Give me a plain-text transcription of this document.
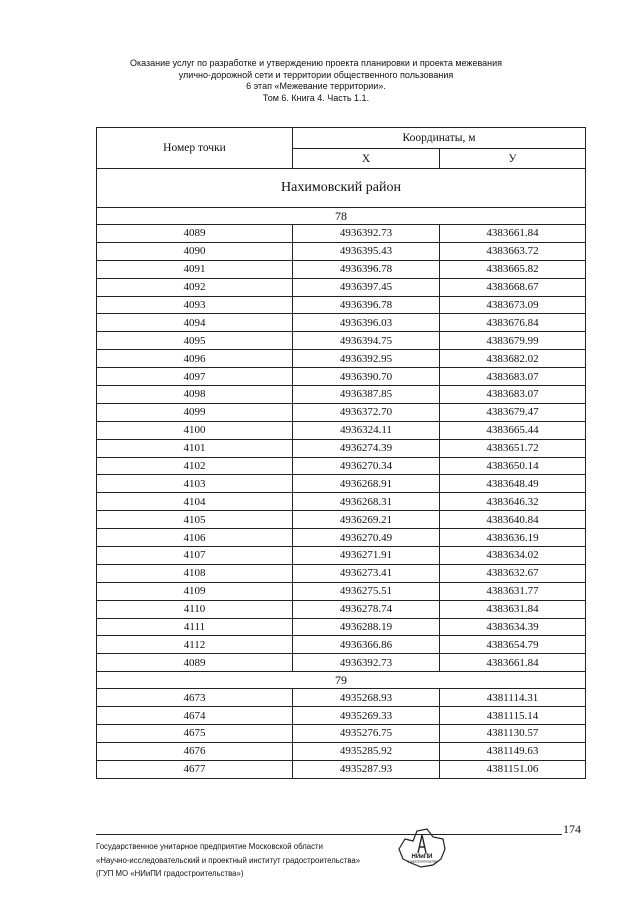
Оказание услуг по разработке и утверждению проекта планировки и проекта межевания
улично-дорожной сети и территории общественного пользования
6 этап «Межевание территории».
Том 6. Книга 4. Часть 1.1.
Номер точки	Координаты, м	
	Х	У
Нахимовский район		
78		
4089	4936392.73	4383661.84
4090	4936395.43	4383663.72
4091	4936396.78	4383665.82
4092	4936397.45	4383668.67
4093	4936396.78	4383673.09
4094	4936396.03	4383676.84
4095	4936394.75	4383679.99
4096	4936392.95	4383682.02
4097	4936390.70	4383683.07
4098	4936387.85	4383683.07
4099	4936372.70	4383679.47
4100	4936324.11	4383665.44
4101	4936274.39	4383651.72
4102	4936270.34	4383650.14
4103	4936268.91	4383648.49
4104	4936268.31	4383646.32
4105	4936269.21	4383640.84
4106	4936270.49	4383636.19
4107	4936271.91	4383634.02
4108	4936273.41	4383632.67
4109	4936275.51	4383631.77
4110	4936278.74	4383631.84
4111	4936288.19	4383634.39
4112	4936366.86	4383654.79
4089	4936392.73	4383661.84
79		
4673	4935268.93	4381114.31
4674	4935269.33	4381115.14
4675	4935276.75	4381130.57
4676	4935285.92	4381149.63
4677	4935287.93	4381151.06
174
Государственное унитарное предприятие Московской области
«Научно-исследовательский и проектный институт градостроительства»
(ГУП МО «НИиПИ градостроительства»)
НИиПИ
градостроительства
